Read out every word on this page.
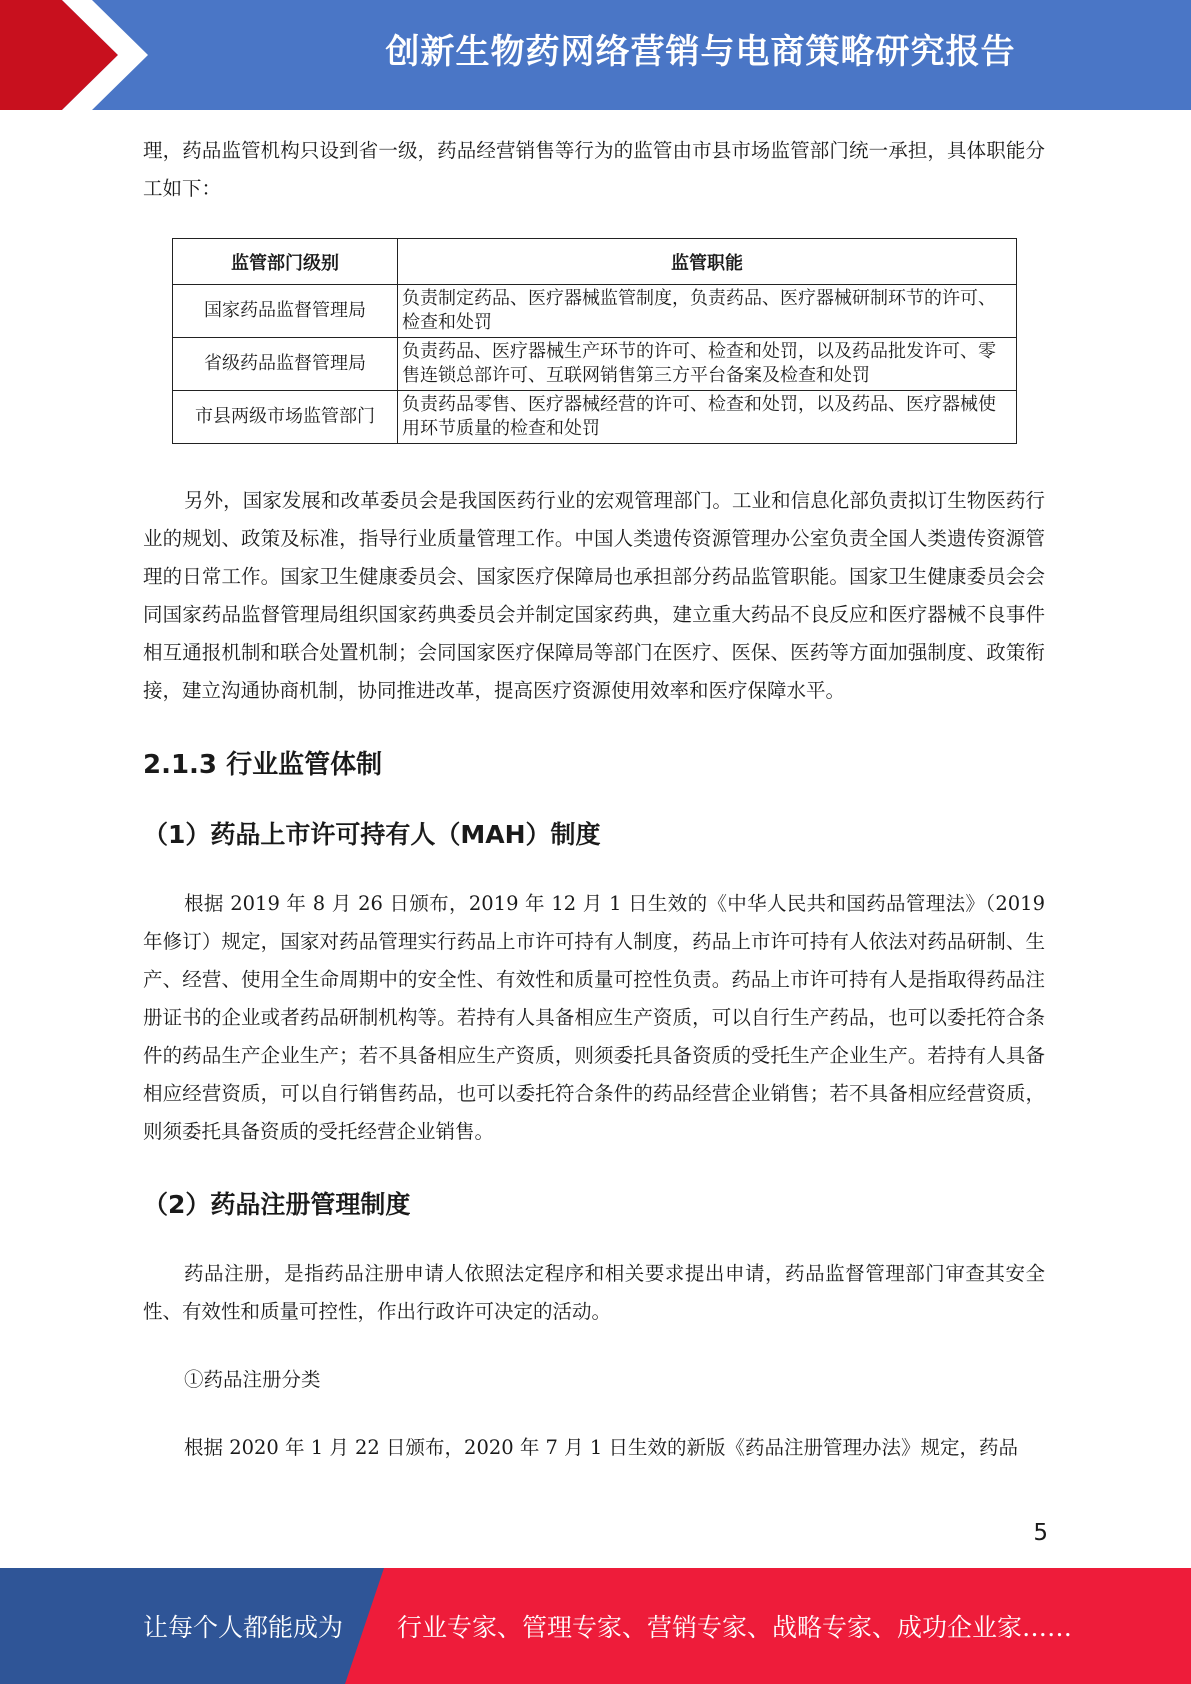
创新生物药网络营销与电商策略研究报告

理，药品监管机构只设到省一级，药品经营销售等行为的监管由市县市场监管部门统一承担，具体职能分工如下：

监管部门级别	监管职能
国家药品监督管理局	负责制定药品、医疗器械监管制度，负责药品、医疗器械研制环节的许可、检查和处罚
省级药品监督管理局	负责药品、医疗器械生产环节的许可、检查和处罚，以及药品批发许可、零售连锁总部许可、互联网销售第三方平台备案及检查和处罚
市县两级市场监管部门	负责药品零售、医疗器械经营的许可、检查和处罚，以及药品、医疗器械使用环节质量的检查和处罚

另外，国家发展和改革委员会是我国医药行业的宏观管理部门。工业和信息化部负责拟订生物医药行业的规划、政策及标准，指导行业质量管理工作。中国人类遗传资源管理办公室负责全国人类遗传资源管理的日常工作。国家卫生健康委员会、国家医疗保障局也承担部分药品监管职能。国家卫生健康委员会会同国家药品监督管理局组织国家药典委员会并制定国家药典，建立重大药品不良反应和医疗器械不良事件相互通报机制和联合处置机制；会同国家医疗保障局等部门在医疗、医保、医药等方面加强制度、政策衔接，建立沟通协商机制，协同推进改革，提高医疗资源使用效率和医疗保障水平。

2.1.3 行业监管体制
（1）药品上市许可持有人（MAH）制度

根据 2019 年 8 月 26 日颁布，2019 年 12 月 1 日生效的《中华人民共和国药品管理法》（2019 年修订）规定，国家对药品管理实行药品上市许可持有人制度，药品上市许可持有人依法对药品研制、生产、经营、使用全生命周期中的安全性、有效性和质量可控性负责。药品上市许可持有人是指取得药品注册证书的企业或者药品研制机构等。若持有人具备相应生产资质，可以自行生产药品，也可以委托符合条件的药品生产企业生产；若不具备相应生产资质，则须委托具备资质的受托生产企业生产。若持有人具备相应经营资质，可以自行销售药品，也可以委托符合条件的药品经营企业销售；若不具备相应经营资质，则须委托具备资质的受托经营企业销售。

（2）药品注册管理制度

药品注册，是指药品注册申请人依照法定程序和相关要求提出申请，药品监督管理部门审查其安全性、有效性和质量可控性，作出行政许可决定的活动。

①药品注册分类

根据 2020 年 1 月 22 日颁布，2020 年 7 月 1 日生效的新版《药品注册管理办法》规定，药品

5
让每个人都能成为 行业专家、管理专家、营销专家、战略专家、成功企业家……
